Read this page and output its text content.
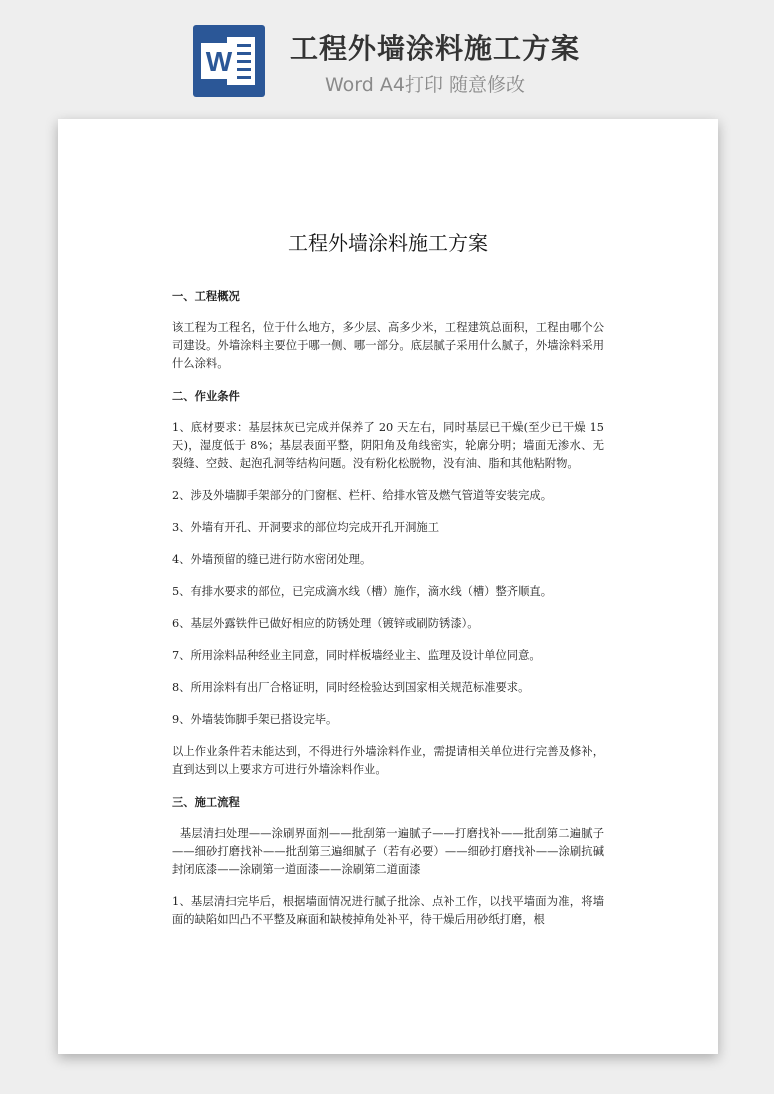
W 工程外墙涂料施工方案
Word A4打印 随意修改
工程外墙涂料施工方案
一、工程概况

该工程为工程名，位于什么地方，多少层、高多少米，工程建筑总面积，工程由哪个公司建设。外墙涂料主要位于哪一侧、哪一部分。底层腻子采用什么腻子，外墙涂料采用什么涂料。

二、作业条件

1、底材要求：基层抹灰已完成并保养了 20 天左右，同时基层已干燥(至少已干燥 15 天)，湿度低于 8%；基层表面平整，阴阳角及角线密实，轮廓分明；墙面无渗水、无裂缝、空鼓、起泡孔洞等结构问题。没有粉化松脱物，没有油、脂和其他粘附物。

2、涉及外墙脚手架部分的门窗框、栏杆、给排水管及燃气管道等安装完成。

3、外墙有开孔、开洞要求的部位均完成开孔开洞施工

4、外墙预留的缝已进行防水密闭处理。

5、有排水要求的部位，已完成滴水线（槽）施作，滴水线（槽）整齐顺直。

6、基层外露铁件已做好相应的防锈处理（镀锌或刷防锈漆）。

7、所用涂料品种经业主同意，同时样板墙经业主、监理及设计单位同意。

8、所用涂料有出厂合格证明，同时经检验达到国家相关规范标准要求。

9、外墙装饰脚手架已搭设完毕。

以上作业条件若未能达到，不得进行外墙涂料作业，需提请相关单位进行完善及修补，直到达到以上要求方可进行外墙涂料作业。

三、施工流程

基层清扫处理——涂刷界面剂——批刮第一遍腻子——打磨找补——批刮第二遍腻子——细砂打磨找补——批刮第三遍细腻子（若有必要）——细砂打磨找补——涂刷抗碱封闭底漆——涂刷第一道面漆——涂刷第二道面漆

1、基层清扫完毕后，根据墙面情况进行腻子批涂、点补工作，以找平墙面为准，将墙面的缺陷如凹凸不平整及麻面和缺棱掉角处补平，待干燥后用砂纸打磨，根
